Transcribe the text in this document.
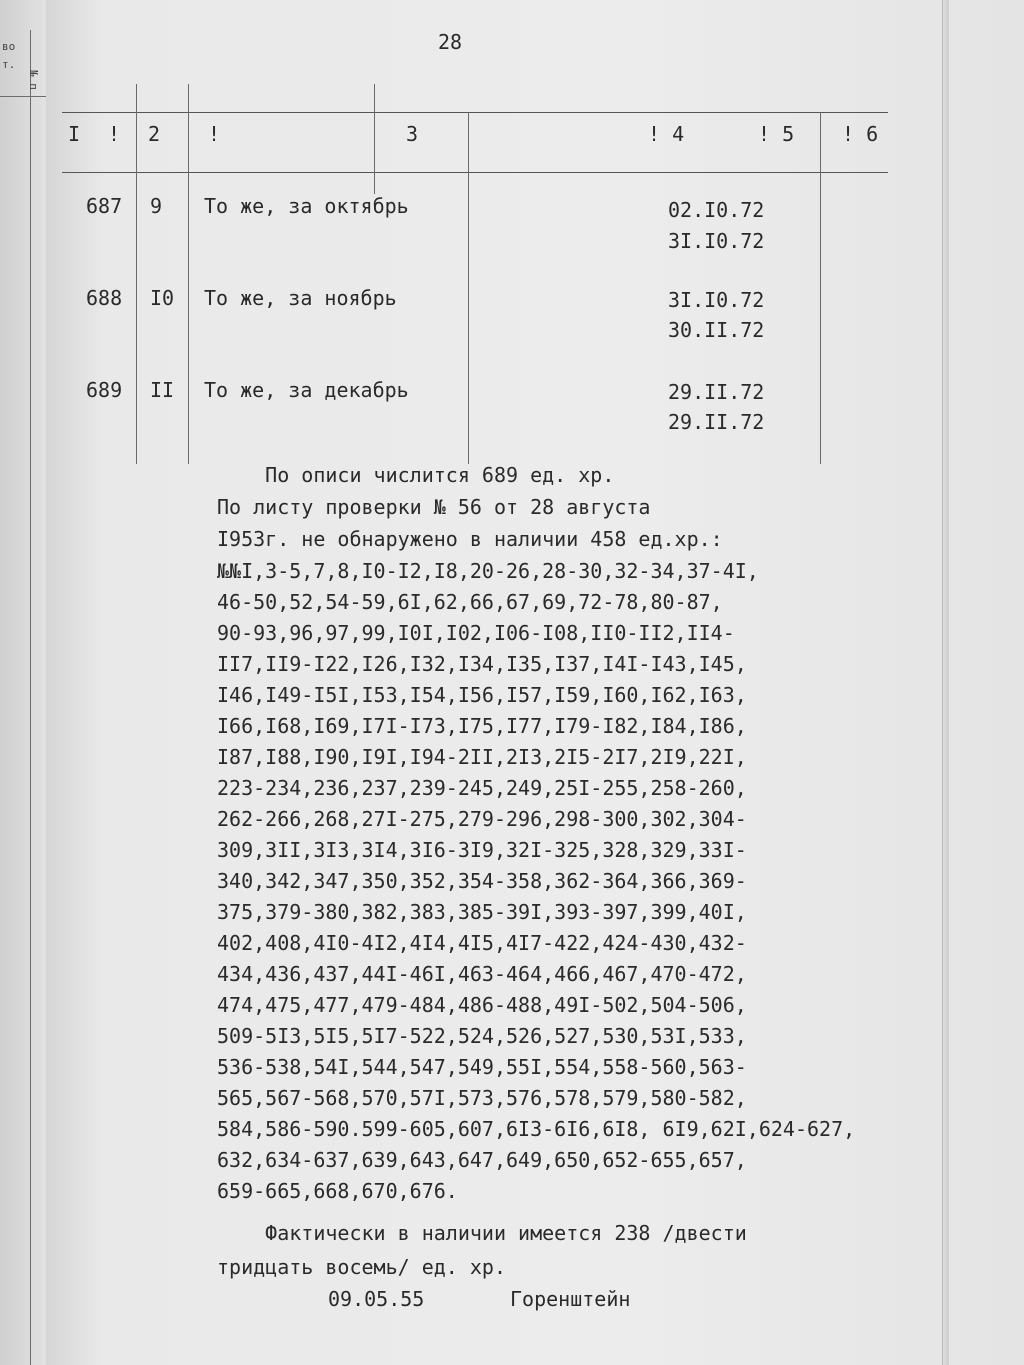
во
т.
№ п
28
I ! 2 !	3	! 4	! 5 ! 6
687 9 То же, за октябрь	02.I0.72
3I.I0.72
688 I0 То же, за ноябрь	3I.I0.72
30.II.72
689 II То же, за декабрь	29.II.72
29.II.72
По описи числится 689 ед. хр.
По листу проверки № 56 от 28 августа
I953г. не обнаружено в наличии 458 ед.хр.:
№№I,3-5,7,8,I0-I2,I8,20-26,28-30,32-34,37-4I,
46-50,52,54-59,6I,62,66,67,69,72-78,80-87,
90-93,96,97,99,I0I,I02,I06-I08,II0-II2,II4-
II7,II9-I22,I26,I32,I34,I35,I37,I4I-I43,I45,
I46,I49-I5I,I53,I54,I56,I57,I59,I60,I62,I63,
I66,I68,I69,I7I-I73,I75,I77,I79-I82,I84,I86,
I87,I88,I90,I9I,I94-2II,2I3,2I5-2I7,2I9,22I,
223-234,236,237,239-245,249,25I-255,258-260,
262-266,268,27I-275,279-296,298-300,302,304-
309,3II,3I3,3I4,3I6-3I9,32I-325,328,329,33I-
340,342,347,350,352,354-358,362-364,366,369-
375,379-380,382,383,385-39I,393-397,399,40I,
402,408,4I0-4I2,4I4,4I5,4I7-422,424-430,432-
434,436,437,44I-46I,463-464,466,467,470-472,
474,475,477,479-484,486-488,49I-502,504-506,
509-5I3,5I5,5I7-522,524,526,527,530,53I,533,
536-538,54I,544,547,549,55I,554,558-560,563-
565,567-568,570,57I,573,576,578,579,580-582,
584,586-590.599-605,607,6I3-6I6,6I8, 6I9,62I,624-627,
632,634-637,639,643,647,649,650,652-655,657,
659-665,668,670,676.
Фактически в наличии имеется 238 /двести
тридцать восемь/ ед. хр.
09.05.55	Горенштейн
